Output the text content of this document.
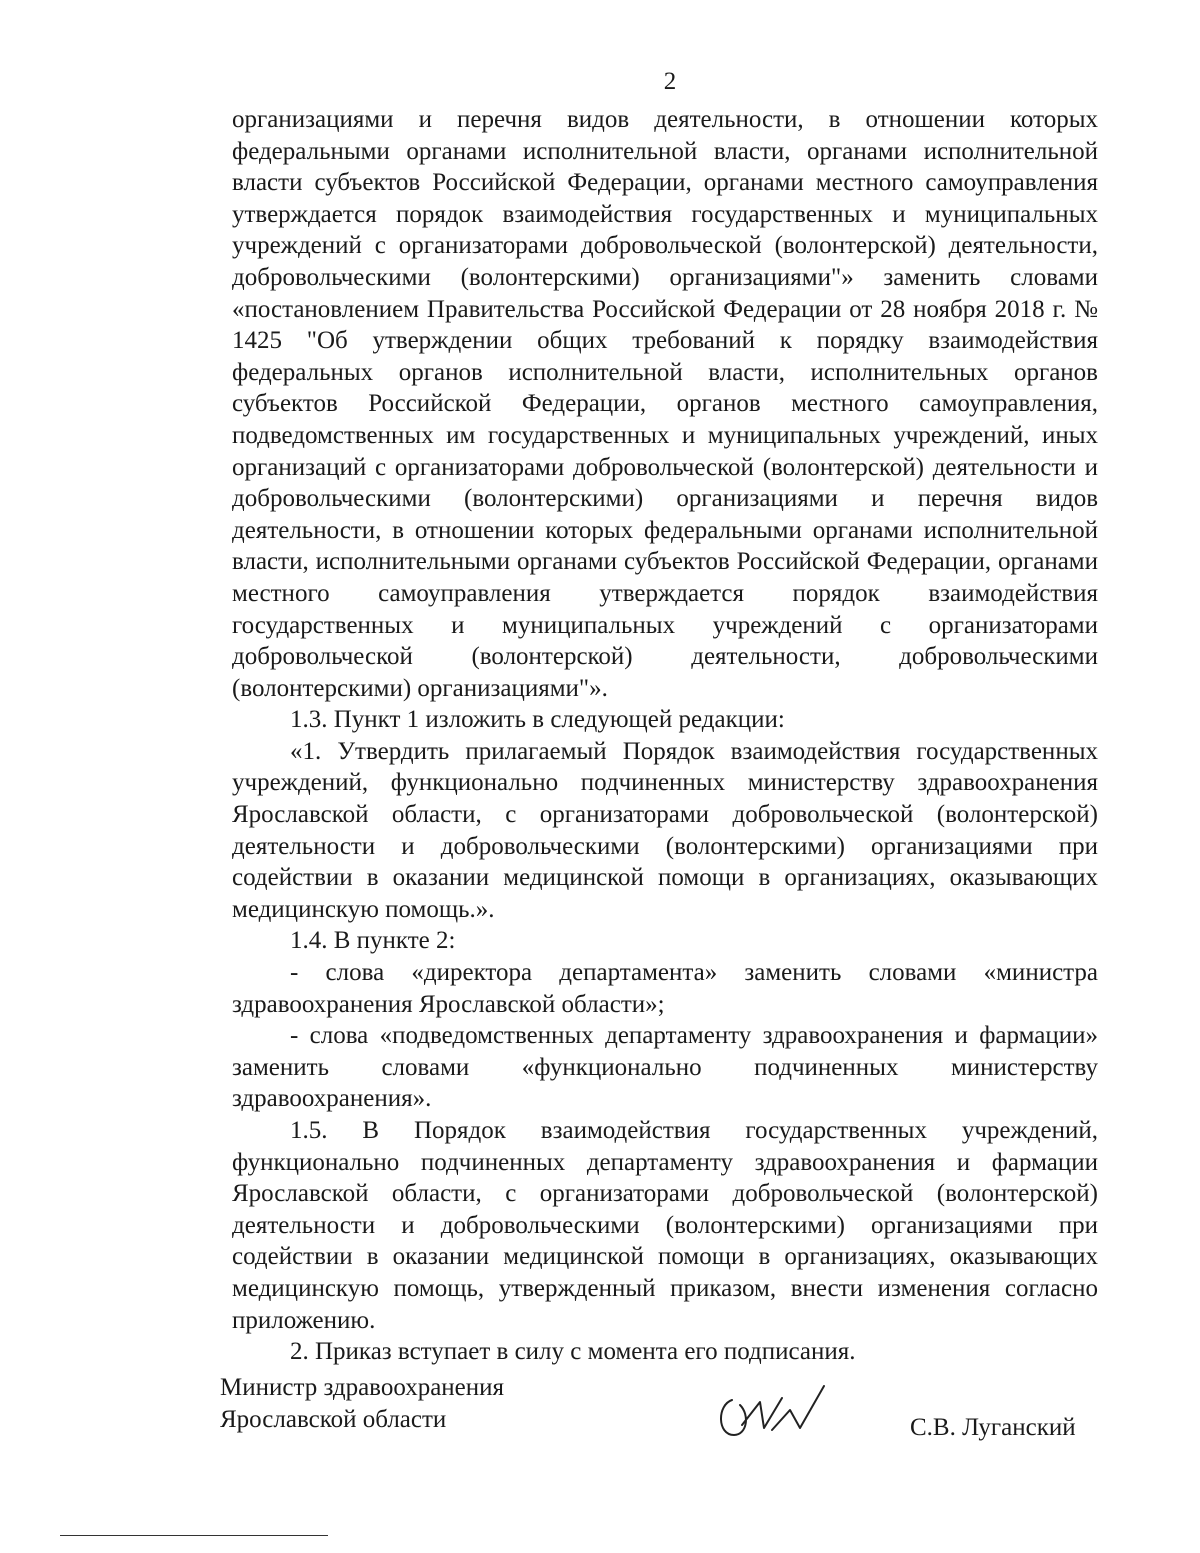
2

организациями и перечня видов деятельности, в отношении которых федеральными органами исполнительной власти, органами исполнительной власти субъектов Российской Федерации, органами местного самоуправления утверждается порядок взаимодействия государственных и муниципальных учреждений с организаторами добровольческой (волонтерской) деятельности, добровольческими (волонтерскими) организациями"» заменить словами «постановлением Правительства Российской Федерации от 28 ноября 2018 г. № 1425 "Об утверждении общих требований к порядку взаимодействия федеральных органов исполнительной власти, исполнительных органов субъектов Российской Федерации, органов местного самоуправления, подведомственных им государственных и муниципальных учреждений, иных организаций с организаторами добровольческой (волонтерской) деятельности и добровольческими (волонтерскими) организациями и перечня видов деятельности, в отношении которых федеральными органами исполнительной власти, исполнительными органами субъектов Российской Федерации, органами местного самоуправления утверждается порядок взаимодействия государственных и муниципальных учреждений с организаторами добровольческой (волонтерской) деятельности, добровольческими (волонтерскими) организациями"».

1.3. Пункт 1 изложить в следующей редакции:

«1. Утвердить прилагаемый Порядок взаимодействия государственных учреждений, функционально подчиненных министерству здравоохранения Ярославской области, с организаторами добровольческой (волонтерской) деятельности и добровольческими (волонтерскими) организациями при содействии в оказании медицинской помощи в организациях, оказывающих медицинскую помощь.».

1.4. В пункте 2:

- слова «директора департамента» заменить словами «министра здравоохранения Ярославской области»;

- слова «подведомственных департаменту здравоохранения и фармации» заменить словами «функционально подчиненных министерству здравоохранения».

1.5. В Порядок взаимодействия государственных учреждений, функционально подчиненных департаменту здравоохранения и фармации Ярославской области, с организаторами добровольческой (волонтерской) деятельности и добровольческими (волонтерскими) организациями при содействии в оказании медицинской помощи в организациях, оказывающих медицинскую помощь, утвержденный приказом, внести изменения согласно приложению.

2. Приказ вступает в силу с момента его подписания.

Министр здравоохранения
Ярославской области	С.В. Луганский
